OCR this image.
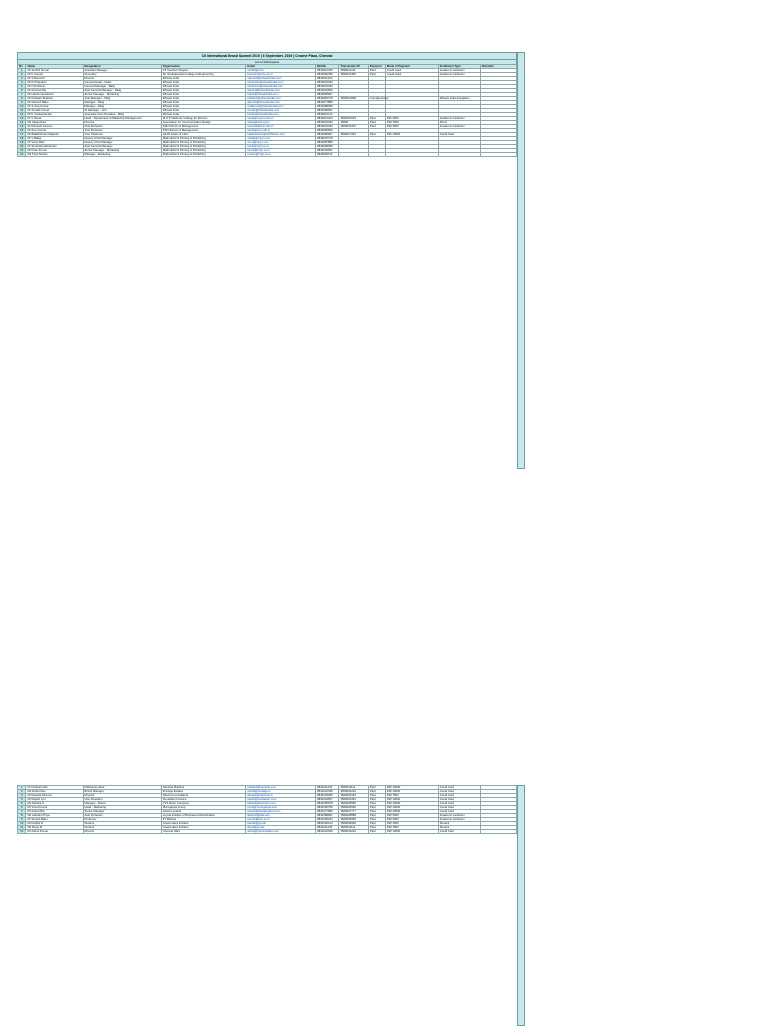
CII International Brand Summit 2019 | 6 September, 2019 | Crowne Plaza, Chennai
List of Participants
No	Name	Designation	Organisation	Email	Mobile	Transaction ID	Payment	Mode of Payment	Instalment Type	Remarks
1	Mr Senthil Kumar	Assistant Manager	CII Southern Region	senthil@cii.in	9840012345	4560012211	Paid	Credit Card	Academic institution	
2	Mr K Suresh	Secretary	Sri Venkateswara College of Engineering	ksuresh@svce.ac.in	9840056789	4560013455	Paid	Credit Card	Academic institution	
3	Mr S Ramesh	Director	Wheels India	sramesh@wheelsindia.com	9840011223					
4	Mr R Chandran	General Head - Sales	Wheels India	rchandran@wheelsindia.com	9840022334					
5	Mr N Krishnan	General Manager - Mktg	Wheels India	nkrishnan@wheelsindia.com	9840033445					
6	Mr Aravind Raj	Asst General Manager - Mktg	Wheels India	aravind@wheelsindia.com	9840044556					
7	Mr Harish Venkatesh	Senior Manager - Marketing	Wheels India	harish@wheelsindia.com	9840055667					
8	Mr Prakash Shankar	Asst Manager - Mktg	Wheels India	prakash@wheelsindia.com	9840066778	4560014689	Complimentary		Wheels India delegation	
9	Mr Ganesh Babu	Manager - Mktg	Wheels India	ganesh@wheelsindia.com	9840077889					
10	Mr S Siva Kumar	Manager - Mktg	Wheels India	sivakumar@wheelsindia.com	9840088990					
11	Mr Srinath Kumar	Sr Manager - Unit	Wheels India	srinath@wheelsindia.com	9840099001					
12	Mr K Vivekanandan	Associate Vice President - Mktg	Wheels India	kvivek@wheelsindia.com	9840010112					
13	Dr S Neela	Head - Department of Marketing Management	M.O.P Vaishnav College for Women	neela@mopvc.edu.in	9840021223	4560015923	Paid	INR 2500	Academic institution	
14	Ms Vijaya Ravi	Director	Association for Communication Design	vijaya@acd.org.in	9840032334	45600	Paid	INR 7500	Direct	
15	Mr Ramesh Kannan	Asst Professor	SSN School of Management	rameshk@ssn.edu.in	9840043445	4560016157	Paid	INR 3000	Academic institution	
16	Mr Arun Kumar	Asst Professor	SSN School of Management	arunk@ssn.edu.in	9840054556					
17	Mr Balakrishnan Rajaram	Vice Chairman	Aarthi Scans & Labs	balakrishnan@aarthiscan.com	9840065667	4560017391	Paid	INR 10000	Credit Card	
18	Mr V Balaji	Deputy Chief Manager	Mathrubhumi Printing & Publishing	vbalaji@mpp.co.in	9840076778					
19	Mr Venu Mani	Deputy Chief Manager	Mathrubhumi Printing & Publishing	venu@mpp.co.in	9840087889					
20	Mr Sunil Ramakrishnan	Asst General Manager	Mathrubhumi Printing & Publishing	sunilr@mpp.co.in	9840098990					
21	Mr Kiran Kumar	Senior Manager - Marketing	Mathrubhumi Printing & Publishing	kirank@mpp.co.in	9840019001					
22	Ms Priya Mohan	Manager - Marketing	Mathrubhumi Printing & Publishing	priyam@mpp.co.in	9840029112					
1	Mr Prakash Nair	Marketing Head	Nambiar Builders	prakash@nambiar.com	9840111234	4560021111	Paid	INR 10000	Credit Card	
2	Ms Anitha Rao	Brand Manager	Prestige Estates	anitha@prestige.in	9840122345	4560022222	Paid	INR 10000	Credit Card	
3	Mr Deepak Sharma	Director	Sharma Consultants	deepak@sharmac.in	9840133456	4560023333	Paid	INR 7500	Credit Card	
4	Mr Rajesh Iyer	Vice President	Sundaram Finance	rajesh@sundaram.com	9840144567	4560024444	Paid	INR 10000	Credit Card	
5	Ms Kavitha S	Manager - Brand	TVS Motor Company	kavitha@tvsmotor.com	9840155678	4560025555	Paid	INR 10000	Credit Card	
6	Mr Vinod Kumar	Head - Marketing	Murugappa Group	vinod@murugappa.com	9840166789	4560026666	Paid	INR 10000	Credit Card	
7	Mr Anand Raj	Senior Manager	Ashok Leyland	anand@ashokleyland.com	9840177890	4560027777	Paid	INR 10000	Credit Card	
8	Ms Lakshmi Priya	Asst Professor	Loyola Institute of Business Administration	lakshmi@liba.edu	9840188901	4560028888	Paid	INR 3000	Academic institution	
9	Mr Suresh Babu	Professor	IIT Madras	suresh@iitm.ac.in	9840199012	4560029999	Paid	INR 3000	Academic institution	
10	Mr Karthik R	Student	Great Lakes Institute	karthik@gl.edu	9840100123	4560030000	Paid	INR 1500	Student	
11	Ms Divya M	Student	Great Lakes Institute	divya@gl.edu	9840111235	4560031111	Paid	INR 1500	Student	
12	Mr Ashok Kumar	Director	Chennai Silks	ashok@chennaisilks.com	9840122346	4560032222	Paid	INR 10000	Credit Card	
